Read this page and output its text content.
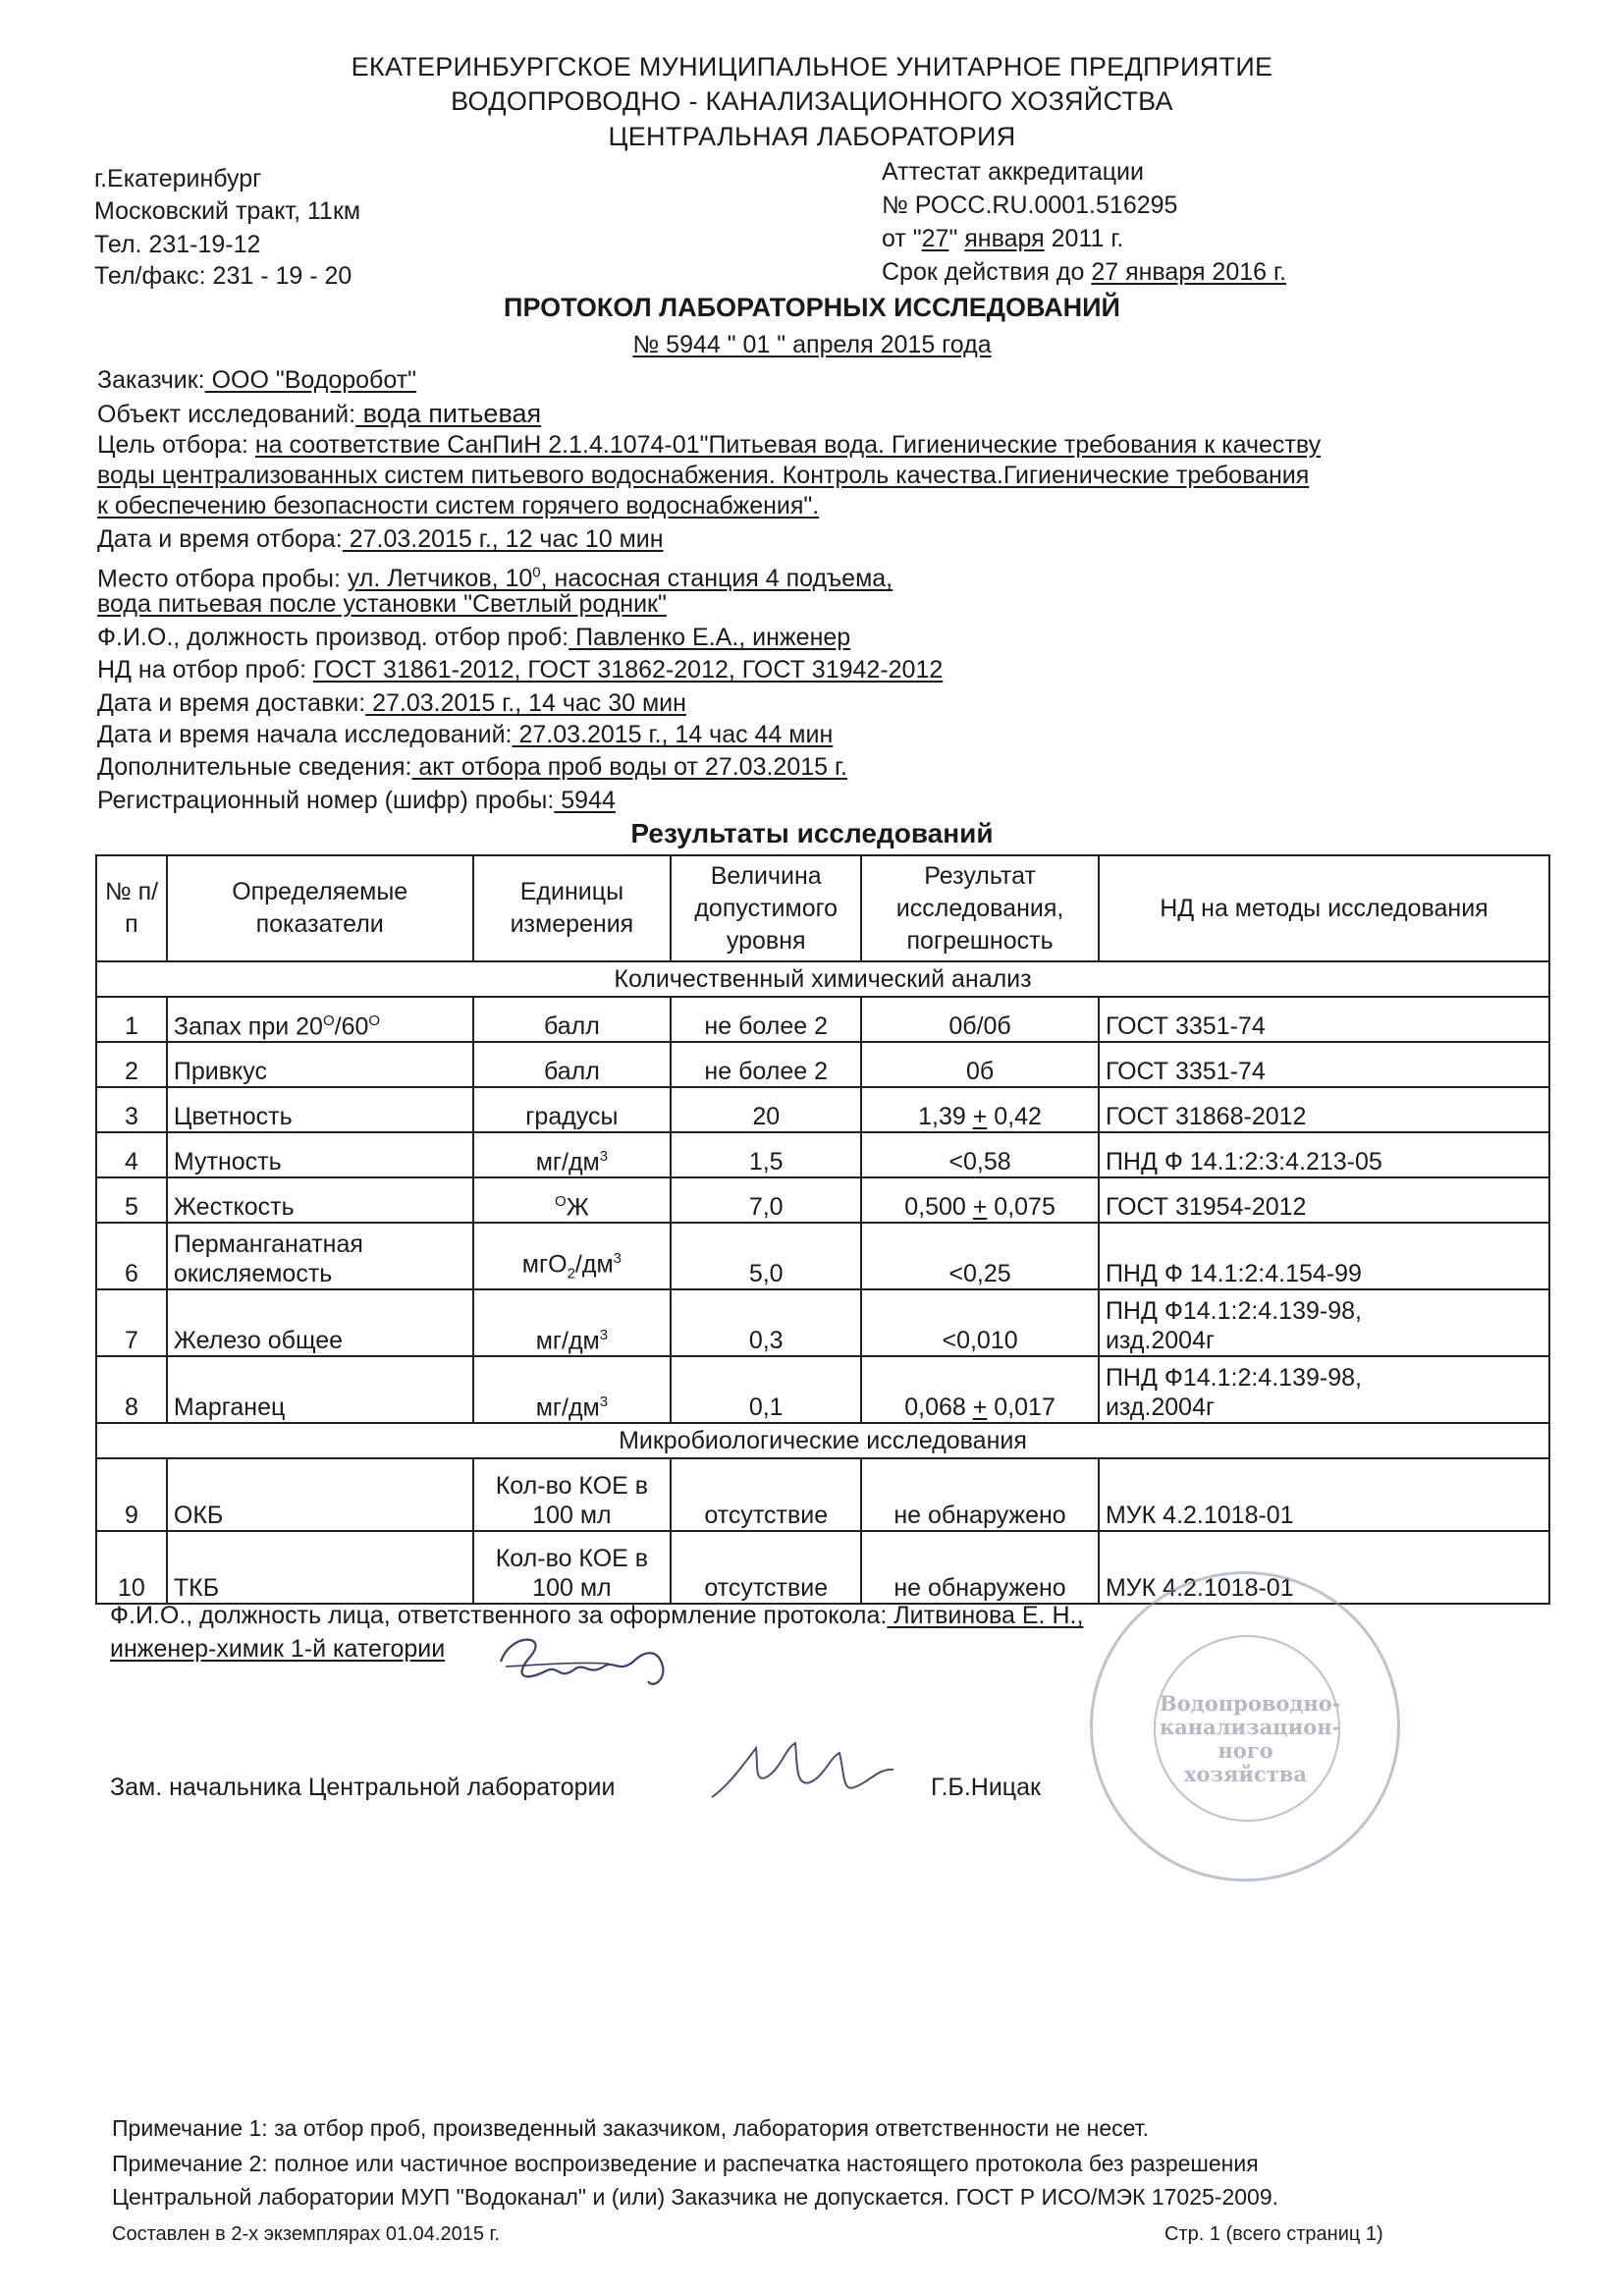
ЕКАТЕРИНБУРГСКОЕ МУНИЦИПАЛЬНОЕ УНИТАРНОЕ ПРЕДПРИЯТИЕ
ВОДОПРОВОДНО - КАНАЛИЗАЦИОННОГО ХОЗЯЙСТВА
ЦЕНТРАЛЬНАЯ ЛАБОРАТОРИЯ
г.Екатеринбург
Московский тракт, 11км
Тел. 231-19-12
Тел/факс: 231 - 19 - 20
Аттестат аккредитации
№ РОСС.RU.0001.516295
от "27" января 2011 г.
Срок действия до 27 января 2016 г.
ПРОТОКОЛ ЛАБОРАТОРНЫХ ИССЛЕДОВАНИЙ
№ 5944 " 01 " апреля 2015 года
Заказчик: ООО "Водоробот"
Объект исследований: вода питьевая
Цель отбора: на соответствие СанПиН 2.1.4.1074-01"Питьевая вода. Гигиенические требования к качеству
воды централизованных систем питьевого водоснабжения. Контроль качества.Гигиенические требования
к обеспечению безопасности систем горячего водоснабжения".
Дата и время отбора: 27.03.2015 г., 12 час 10 мин
Место отбора пробы: ул. Летчиков, $10^0$, насосная станция 4 подъема,
вода питьевая после установки "Светлый родник"
Ф.И.О., должность производ. отбор проб: Павленко Е.А., инженер
НД на отбор проб: ГОСТ 31861-2012, ГОСТ 31862-2012, ГОСТ 31942-2012
Дата и время доставки: 27.03.2015 г., 14 час 30 мин
Дата и время начала исследований: 27.03.2015 г., 14 час 44 мин
Дополнительные сведения: акт отбора проб воды от 27.03.2015 г.
Регистрационный номер (шифр) пробы: 5944
Результаты исследований
№ п/п	Определяемые показатели	Единицы измерения	Величина допустимого уровня	Результат исследования, погрешность	НД на методы исследования
Количественный химический анализ					
1	Запах при $20^О/60^О$	балл	не более 2	0б/0б	ГОСТ 3351-74
2	Привкус	балл	не более 2	0б	ГОСТ 3351-74
3	Цветность	градусы	20	1,39 + 0,42	ГОСТ 31868-2012
4	Мутность	$мг/дм^3$	1,5	<0,58	ПНД Ф 14.1:2:3:4.213-05
5	Жесткость	$^О$Ж	7,0	0,500 + 0,075	ГОСТ 31954-2012
6	Перманганатная
окисляемость	$мгО_2/дм^3$	5,0	<0,25	ПНД Ф 14.1:2:4.154-99
7	Железо общее	$мг/дм^3$	0,3	<0,010	ПНД Ф14.1:2:4.139-98,
изд.2004г

8	Марганец	$мг/дм^3$	0,1	0,068 + 0,017	ПНД Ф14.1:2:4.139-98,
изд.2004г

Микробиологические исследования					
9	ОКБ	Кол-во КОЕ в
100 мл	отсутствие	не обнаружено	МУК 4.2.1018-01
10	ТКБ	Кол-во КОЕ в
100 мл	отсутствие	не обнаружено	МУК 4.2.1018-01
Ф.И.О., должность лица, ответственного за оформление протокола: Литвинова Е. Н.,
инженер-химик 1-й категории
Зам. начальника Центральной лаборатории	Г.Б.Ницак
Водопроводно-
канализацион-
ного
хозяйства
Примечание 1: за отбор проб, произведенный заказчиком, лаборатория ответственности не несет.
Примечание 2: полное или частичное воспроизведение и распечатка настоящего протокола без разрешения
Центральной лаборатории МУП "Водоканал" и (или) Заказчика не допускается. ГОСТ Р ИСО/МЭК 17025-2009.
Составлен в 2-х экземплярах 01.04.2015 г.	Стр. 1 (всего страниц 1)
